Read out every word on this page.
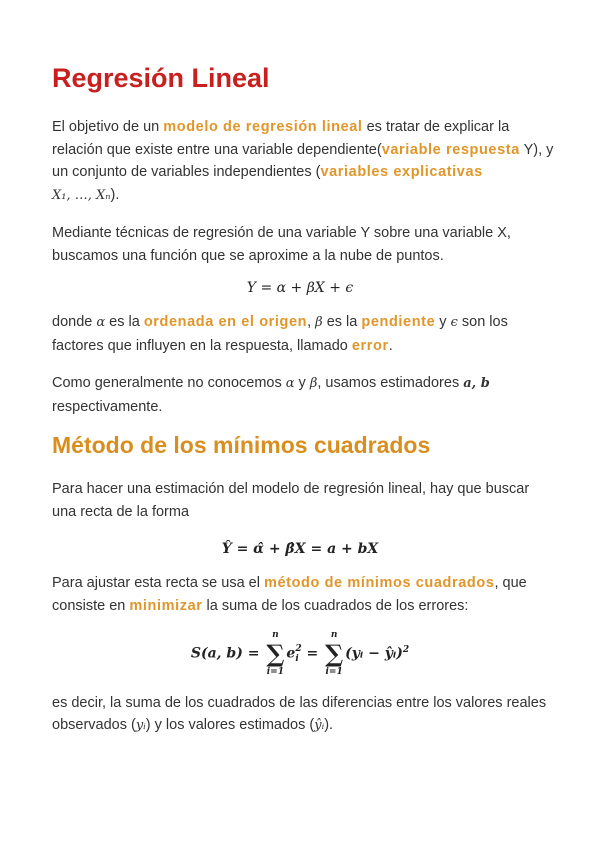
Regresión Lineal
El objetivo de un modelo de regresión lineal es tratar de explicar la relación que existe entre una variable dependiente(variable respuesta Y), y un conjunto de variables independientes (variables explicativas
X₁, …, Xₙ).
Mediante técnicas de regresión de una variable Y sobre una variable X, buscamos una función que se aproxime a la nube de puntos.
Y = α + βX + ϵ
donde α es la ordenada en el origen, β es la pendiente y ϵ son los factores que influyen en la respuesta, llamado error.
Como generalmente no conocemos α y β, usamos estimadores a, b
respectivamente.
Método de los mínimos cuadrados
Para hacer una estimación del modelo de regresión lineal, hay que buscar una recta de la forma
Ŷ = α̂ + β̂X = a + bX
Para ajustar esta recta se usa el método de mínimos cuadrados, que consiste en minimizar la suma de los cuadrados de los errores:
S(a, b) =
n
∑
i=1
e 2
i =
n
∑
i=1
(yᵢ − ŷᵢ)$^2$
es decir, la suma de los cuadrados de las diferencias entre los valores reales observados (yᵢ) y los valores estimados (ŷᵢ).
